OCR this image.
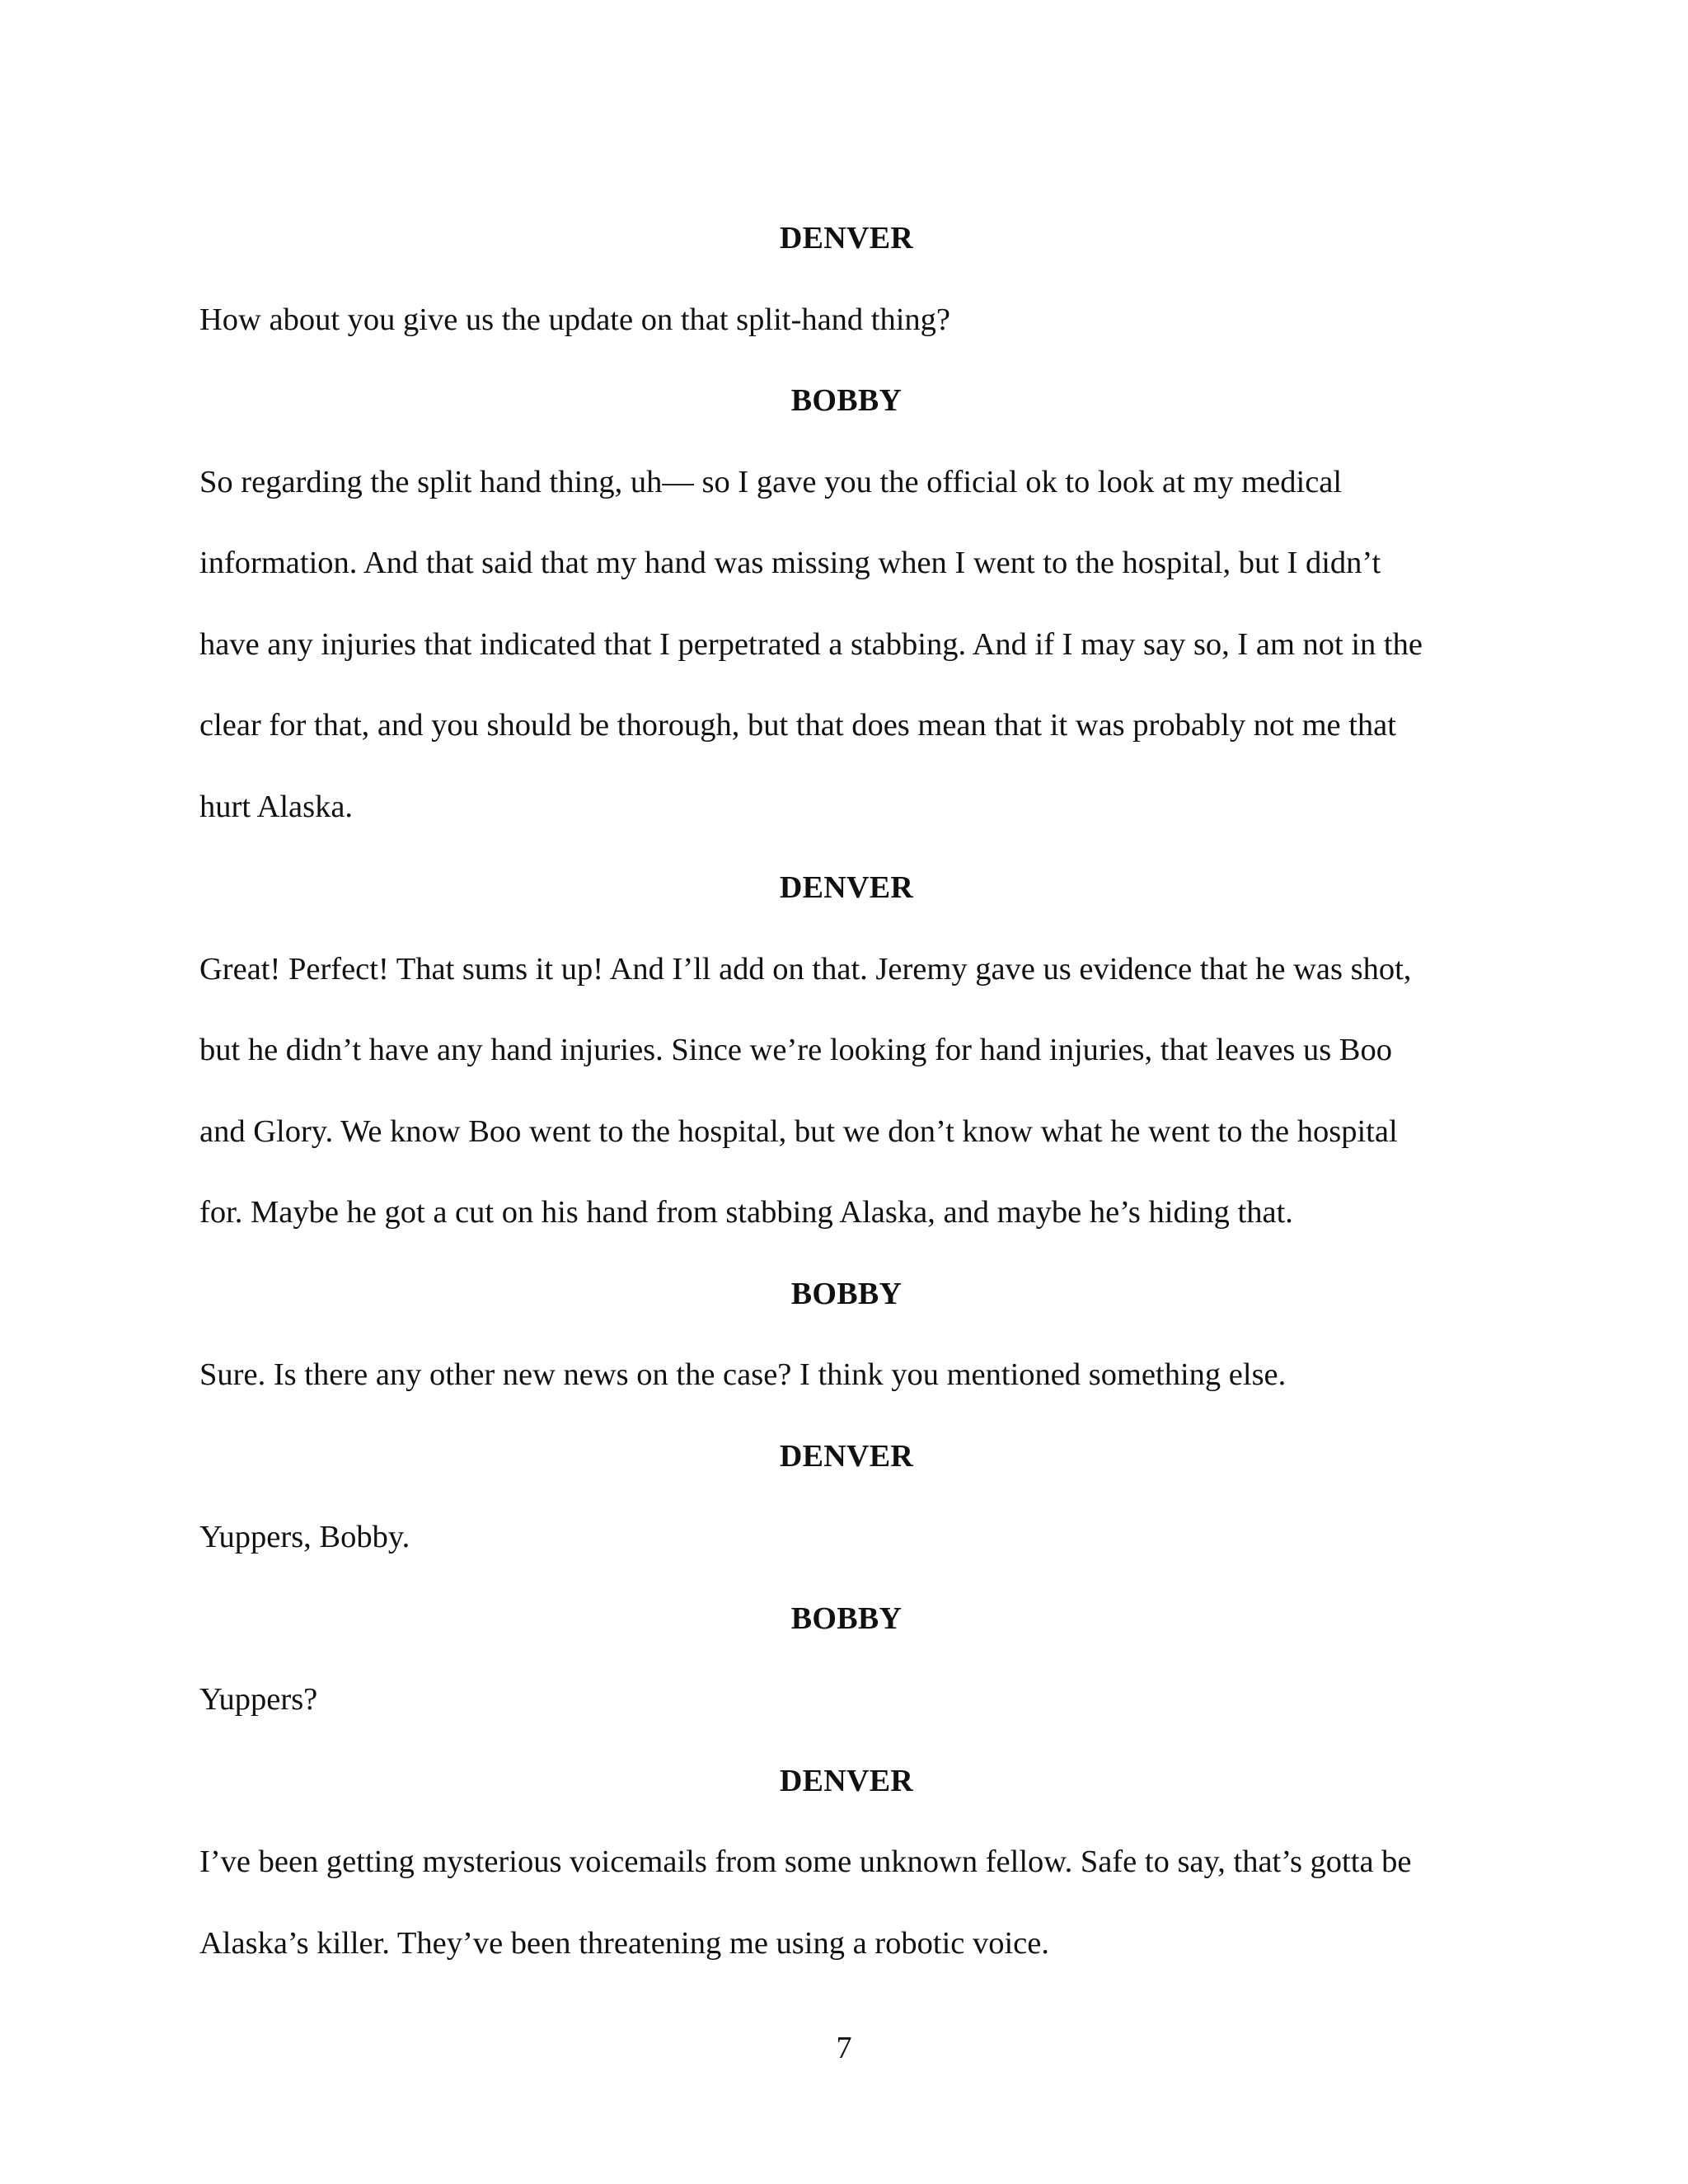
DENVER

How about you give us the update on that split-hand thing?

BOBBY

So regarding the split hand thing, uh— so I gave you the official ok to look at my medical

information. And that said that my hand was missing when I went to the hospital, but I didn’t

have any injuries that indicated that I perpetrated a stabbing. And if I may say so, I am not in the

clear for that, and you should be thorough, but that does mean that it was probably not me that

hurt Alaska.

DENVER

Great! Perfect! That sums it up! And I’ll add on that. Jeremy gave us evidence that he was shot,

but he didn’t have any hand injuries. Since we’re looking for hand injuries, that leaves us Boo

and Glory. We know Boo went to the hospital, but we don’t know what he went to the hospital

for. Maybe he got a cut on his hand from stabbing Alaska, and maybe he’s hiding that.

BOBBY

Sure. Is there any other new news on the case? I think you mentioned something else.

DENVER

Yuppers, Bobby.

BOBBY

Yuppers?

DENVER

I’ve been getting mysterious voicemails from some unknown fellow. Safe to say, that’s gotta be

Alaska’s killer. They’ve been threatening me using a robotic voice.

7
